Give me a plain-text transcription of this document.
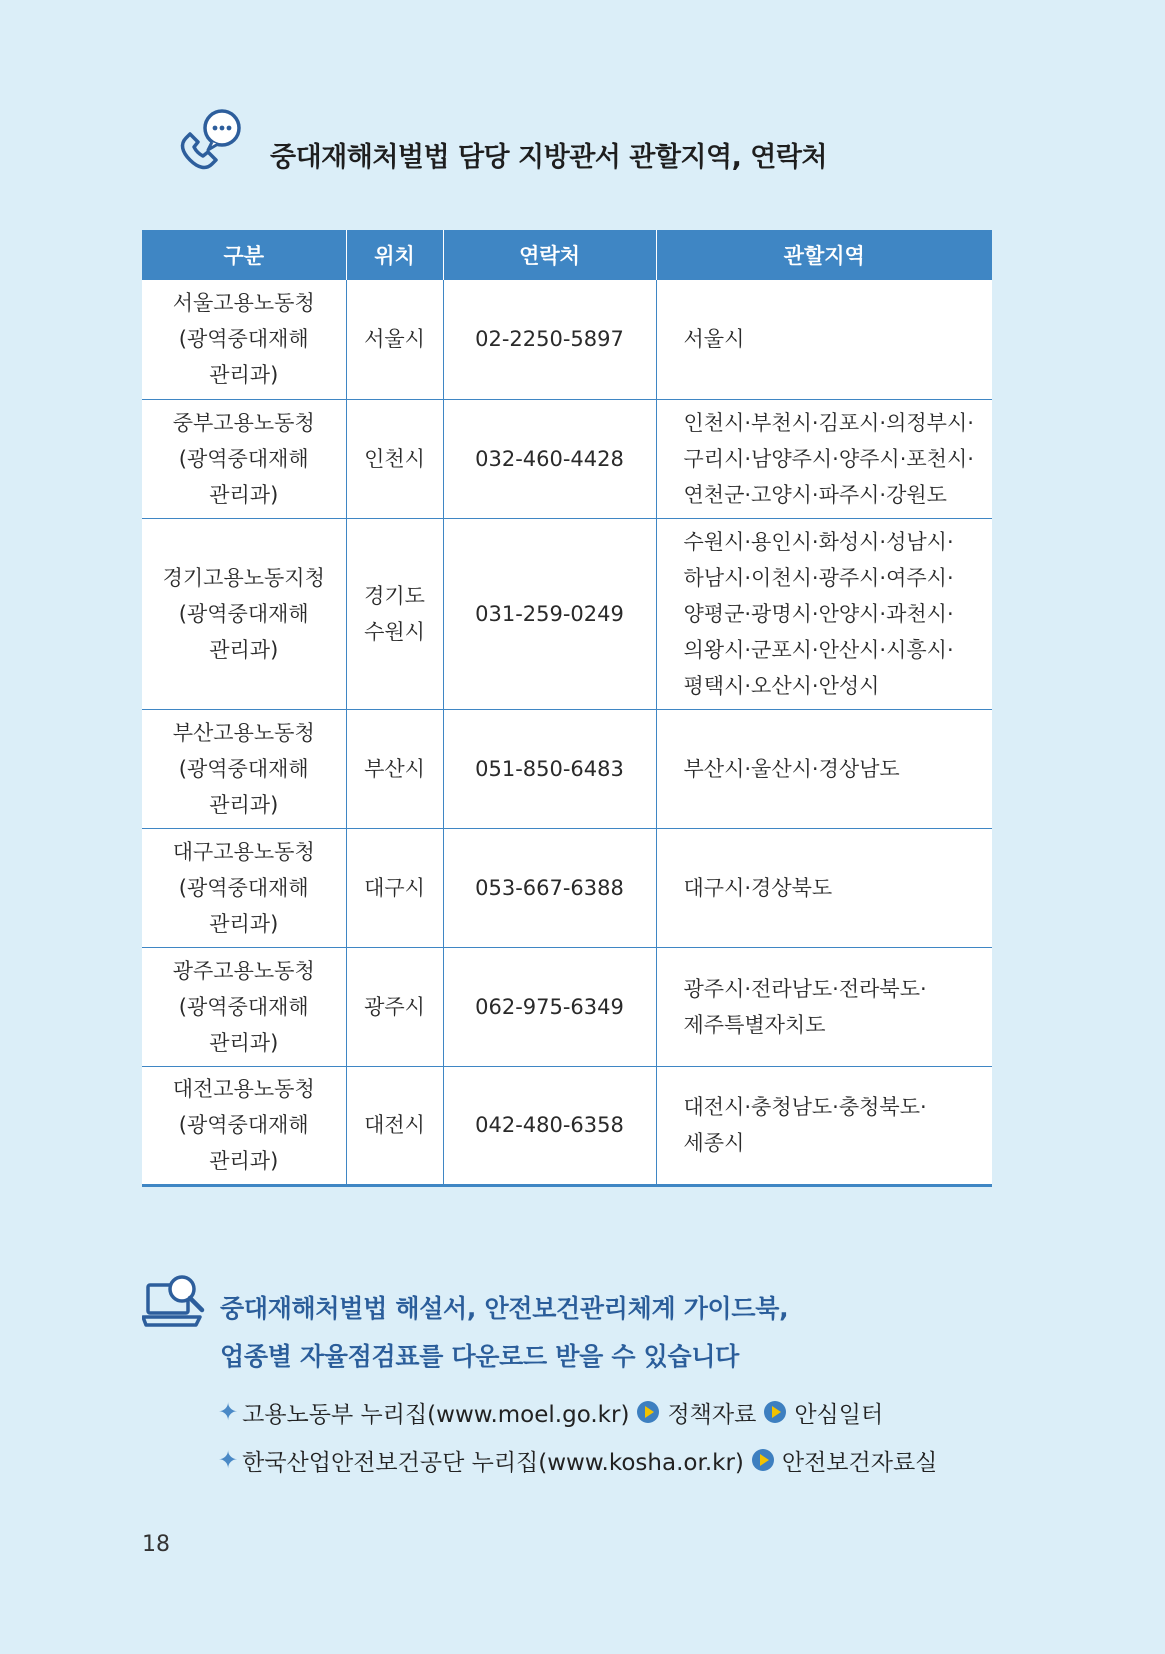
중대재해처벌법 담당 지방관서 관할지역, 연락처
구분	위치	연락처	관할지역

서울고용노동청
(광역중대재해
관리과)	서울시	02-2250-5897	서울시

중부고용노동청
(광역중대재해
관리과)	인천시	032-460-4428	인천시·부천시·김포시·의정부시·
구리시·남양주시·양주시·포천시·
연천군·고양시·파주시·강원도

경기고용노동지청
(광역중대재해
관리과)	경기도
수원시	031-259-0249	수원시·용인시·화성시·성남시·
하남시·이천시·광주시·여주시·
양평군·광명시·안양시·과천시·
의왕시·군포시·안산시·시흥시·
평택시·오산시·안성시

부산고용노동청
(광역중대재해
관리과)	부산시	051-850-6483	부산시·울산시·경상남도

대구고용노동청
(광역중대재해
관리과)	대구시	053-667-6388	대구시·경상북도

광주고용노동청
(광역중대재해
관리과)	광주시	062-975-6349	광주시·전라남도·전라북도·
제주특별자치도

대전고용노동청
(광역중대재해
관리과)	대전시	042-480-6358	대전시·충청남도·충청북도·
세종시
중대재해처벌법 해설서, 안전보건관리체계 가이드북,
업종별 자율점검표를 다운로드 받을 수 있습니다
✦ 고용노동부 누리집(www.moel.go.kr) 정책자료 안심일터
✦ 한국산업안전보건공단 누리집(www.kosha.or.kr) 안전보건자료실
18
